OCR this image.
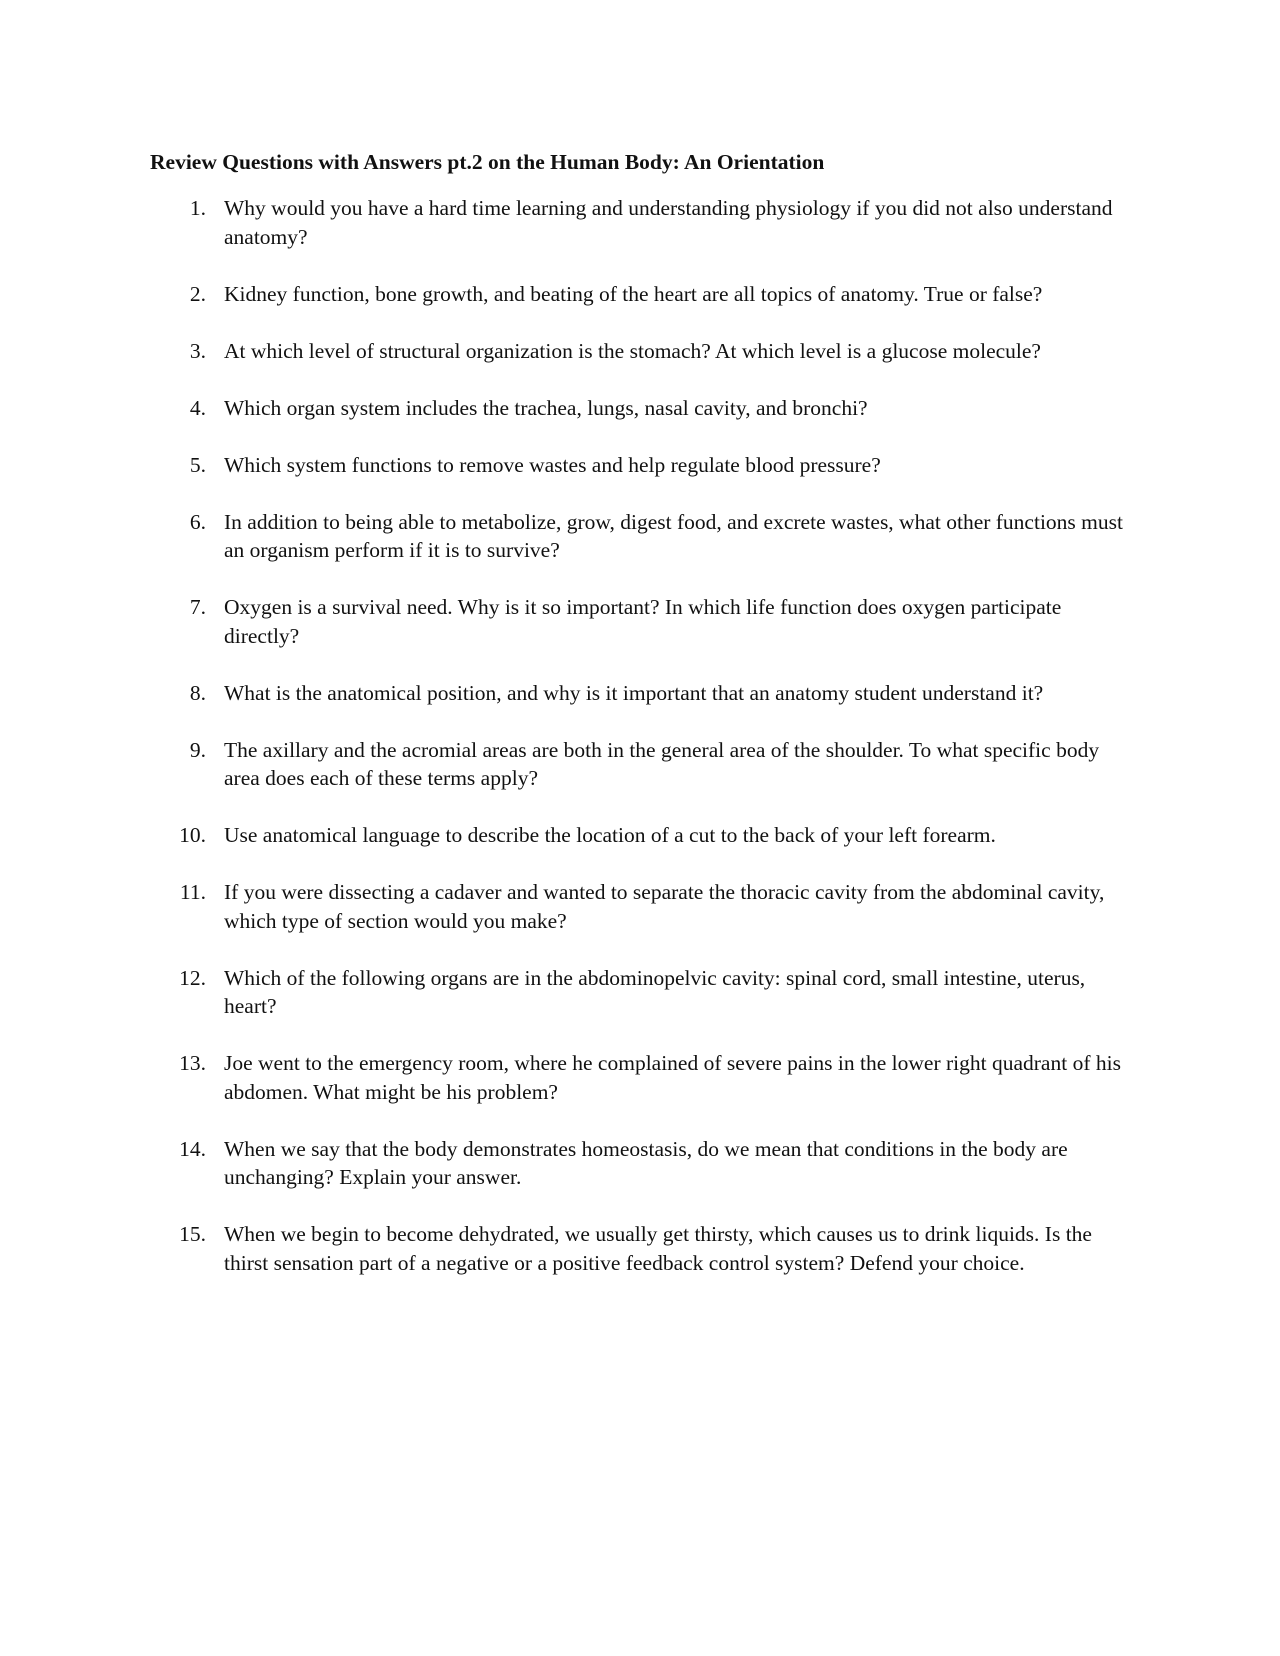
Review Questions with Answers pt.2 on the Human Body: An Orientation
1. Why would you have a hard time learning and understanding physiology if you did not also understand anatomy?
2. Kidney function, bone growth, and beating of the heart are all topics of anatomy. True or false?
3. At which level of structural organization is the stomach? At which level is a glucose molecule?
4. Which organ system includes the trachea, lungs, nasal cavity, and bronchi?
5. Which system functions to remove wastes and help regulate blood pressure?
6. In addition to being able to metabolize, grow, digest food, and excrete wastes, what other functions must an organism perform if it is to survive?
7. Oxygen is a survival need. Why is it so important? In which life function does oxygen participate directly?
8. What is the anatomical position, and why is it important that an anatomy student understand it?
9. The axillary and the acromial areas are both in the general area of the shoulder. To what specific body area does each of these terms apply?
10. Use anatomical language to describe the location of a cut to the back of your left forearm.
11. If you were dissecting a cadaver and wanted to separate the thoracic cavity from the abdominal cavity, which type of section would you make?
12. Which of the following organs are in the abdominopelvic cavity: spinal cord, small intestine, uterus, heart?
13. Joe went to the emergency room, where he complained of severe pains in the lower right quadrant of his abdomen. What might be his problem?
14. When we say that the body demonstrates homeostasis, do we mean that conditions in the body are unchanging? Explain your answer.
15. When we begin to become dehydrated, we usually get thirsty, which causes us to drink liquids. Is the thirst sensation part of a negative or a positive feedback control system? Defend your choice.
